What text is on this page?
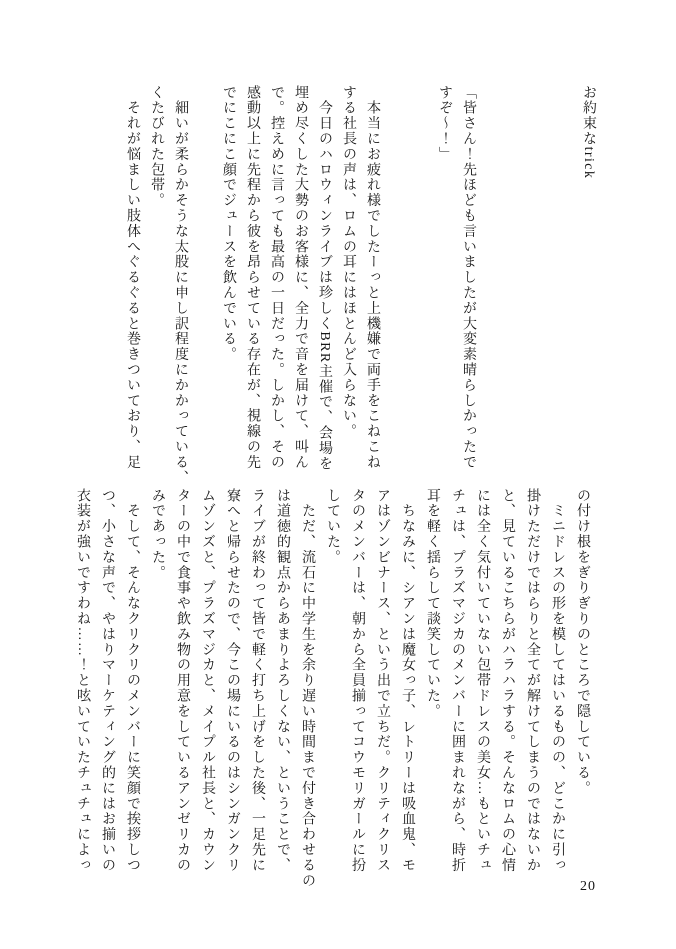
お約束なtrick

「皆さん！先ほども言いましたが大変素晴らしかったで
すぞ～！」

　本当にお疲れ様でしたーっと上機嫌で両手をこねこね
する社長の声は、ロムの耳にはほとんど入らない。
　今日のハロウィンライブは珍しくBRR主催で、会場を
埋め尽くした大勢のお客様に、全力で音を届けて、叫ん
で。控えめに言っても最高の一日だった。しかし、その
感動以上に先程から彼を昂らせている存在が、視線の先
でにこにこ顔でジュースを飲んでいる。

　細いが柔らかそうな太股に申し訳程度にかかっている、
くたびれた包帯。
　それが悩ましい肢体へぐるぐると巻きついており、足
の付け根をぎりぎりのところで隠している。
　ミニドレスの形を模してはいるものの、どこかに引っ
掛けただけではらりと全てが解けてしまうのではないか
と、見ているこちらがハラハラする。そんなロムの心情
には全く気付いていない包帯ドレスの美女…もといチュ
チュは、プラズマジカのメンバーに囲まれながら、時折
耳を軽く揺らして談笑していた。
　ちなみに、シアンは魔女っ子、レトリーは吸血鬼、モ
アはゾンビナース、という出で立ちだ。クリティクリス
タのメンバーは、朝から全員揃ってコウモリガールに扮
していた。
　ただ、流石に中学生を余り遅い時間まで付き合わせるの
は道徳的観点からあまりよろしくない、ということで、
ライブが終わって皆で軽く打ち上げをした後、一足先に
寮へと帰らせたので、今この場にいるのはシンガンクリ
ムゾンズと、プラズマジカと、メイプル社長と、カウン
ターの中で食事や飲み物の用意をしているアンゼリカの
みであった。
　そして、そんなクリクリのメンバーに笑顔で挨拶しつ
つ、小さな声で、やはりマーケティング的にはお揃いの
衣装が強いですわね……！と呟いていたチュチュによっ
20
